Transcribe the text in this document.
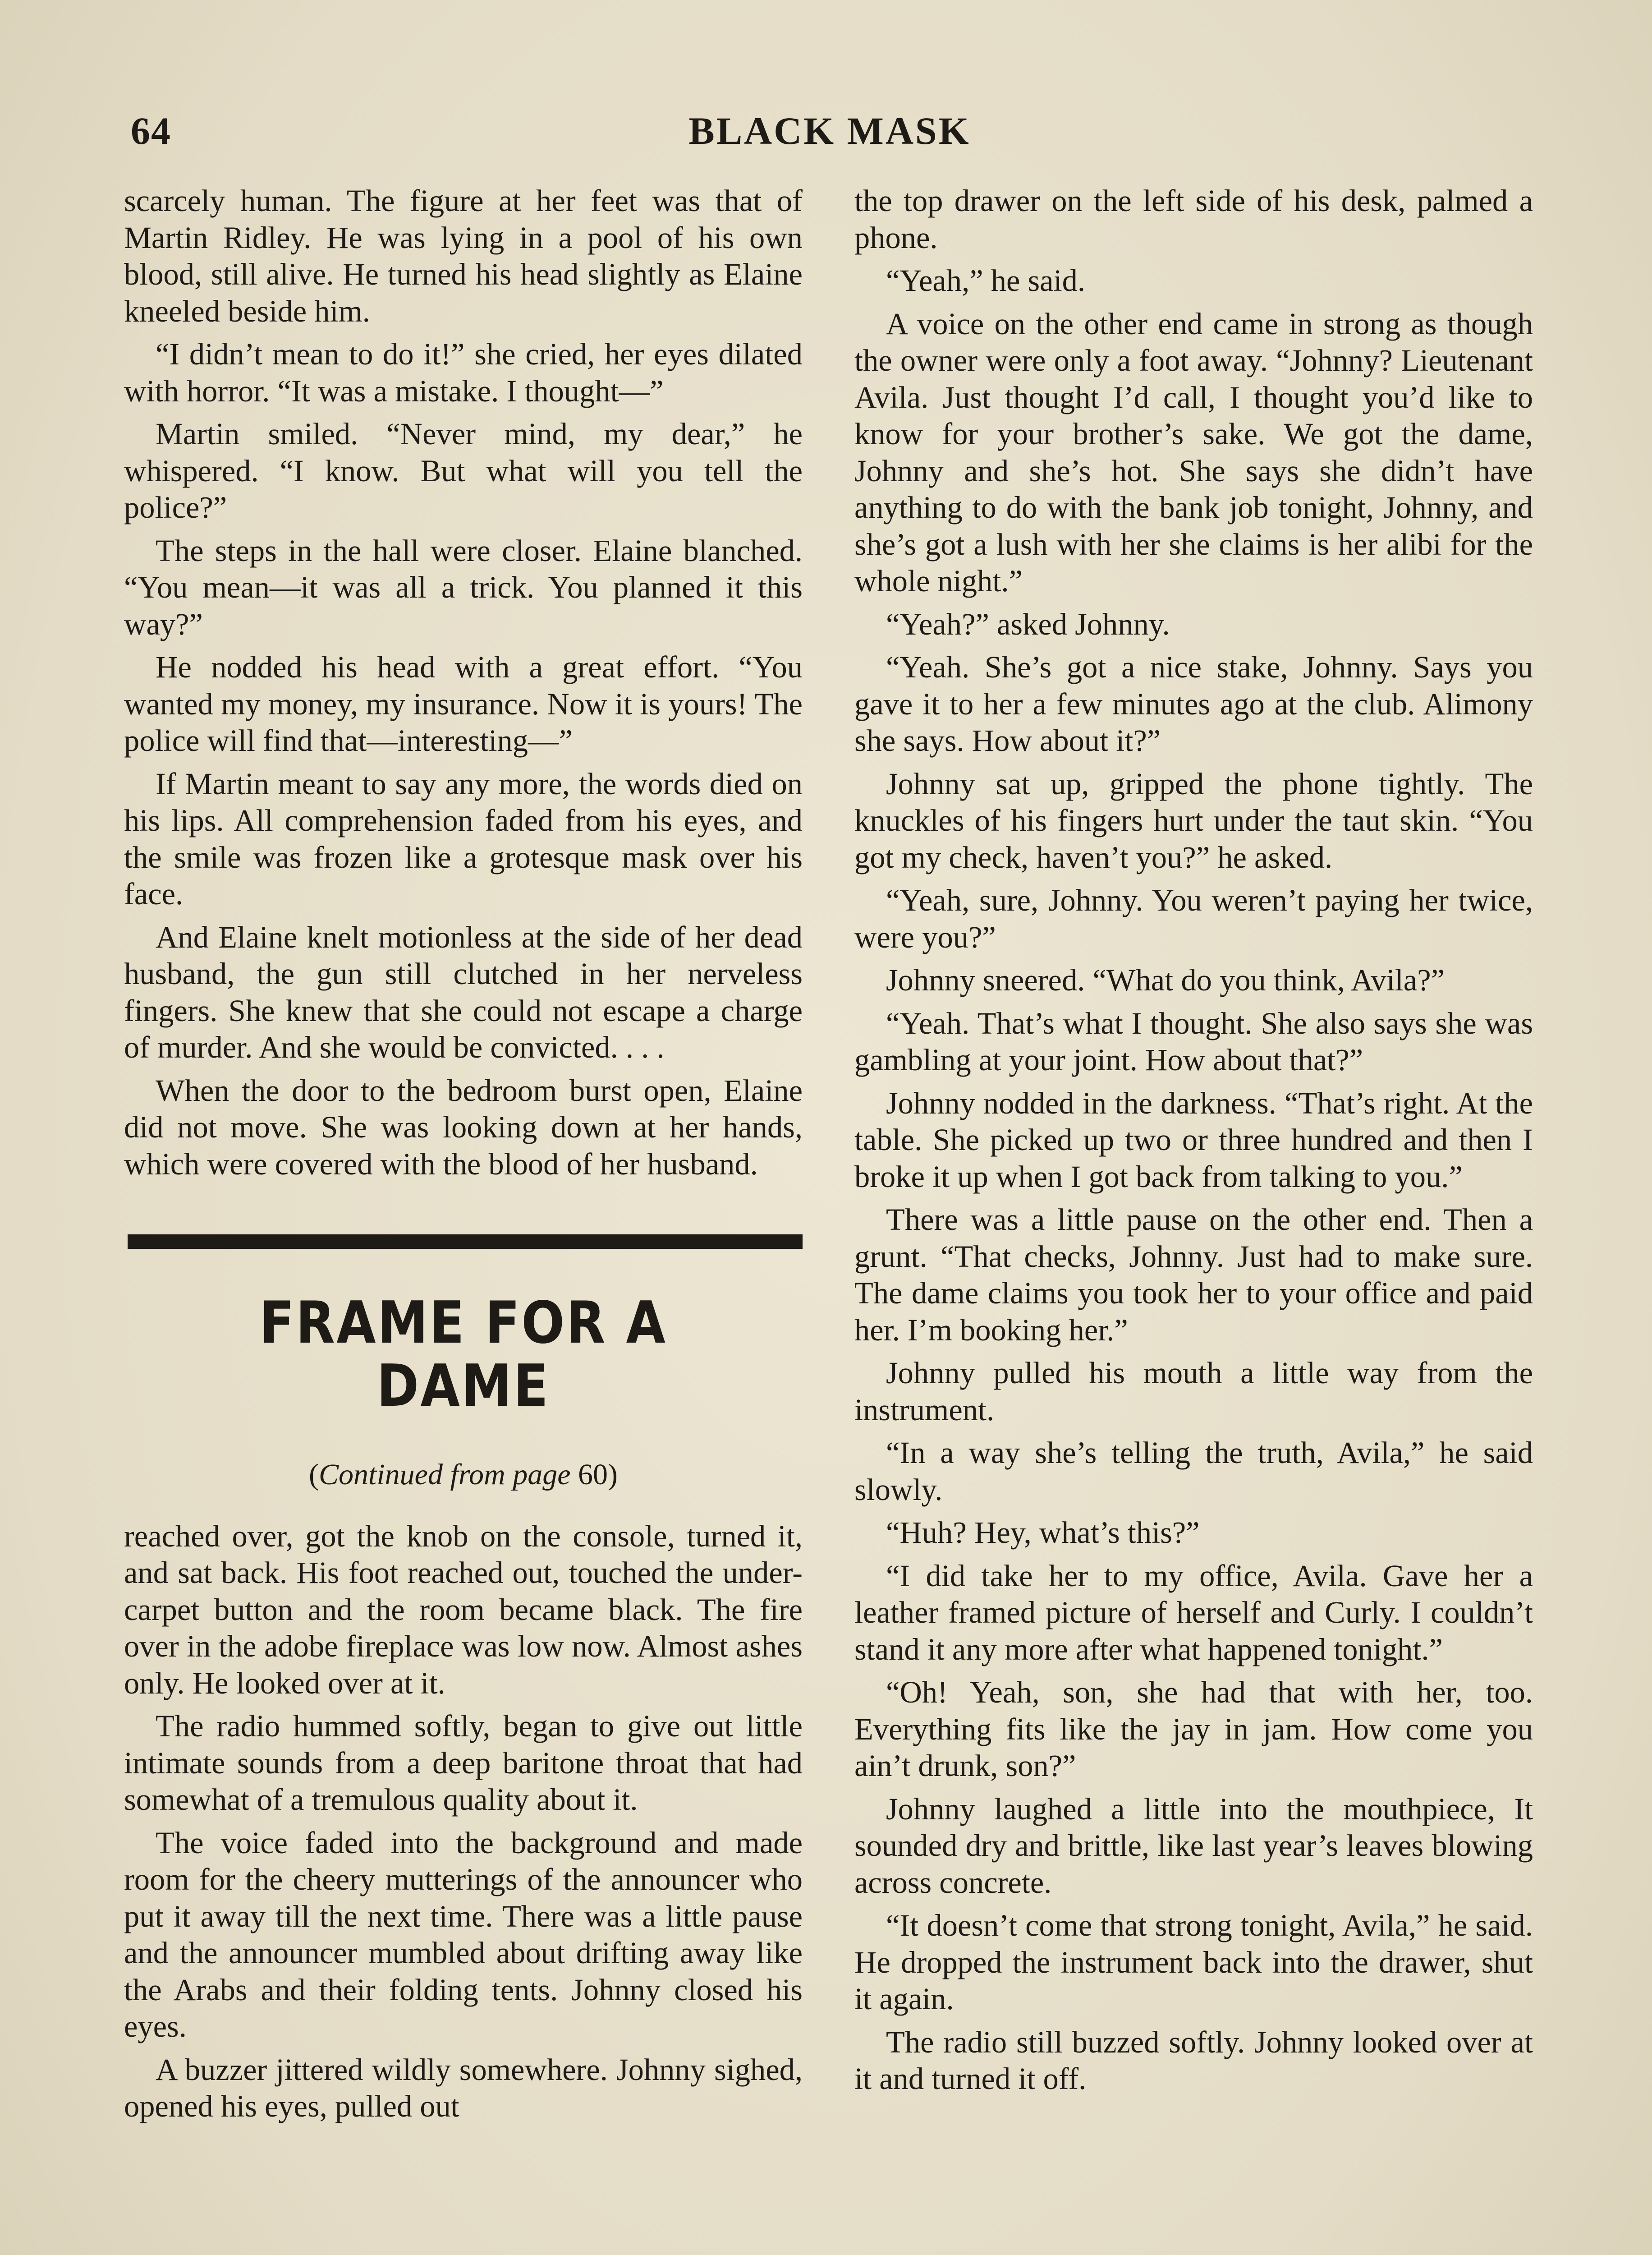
64	BLACK MASK

scarcely human. The figure at her feet was that of Martin Ridley. He was lying in a pool of his own blood, still alive. He turned his head slightly as Elaine kneeled beside him.

“I didn’t mean to do it!” she cried, her eyes dilated with horror. “It was a mistake. I thought—”

Martin smiled. “Never mind, my dear,” he whispered. “I know. But what will you tell the police?”

The steps in the hall were closer. Elaine blanched. “You mean—it was all a trick. You planned it this way?”

He nodded his head with a great effort. “You wanted my money, my insurance. Now it is yours! The police will find that—interesting—”

If Martin meant to say any more, the words died on his lips. All comprehension faded from his eyes, and the smile was frozen like a grotesque mask over his face.

And Elaine knelt motionless at the side of her dead husband, the gun still clutched in her nerveless fingers. She knew that she could not escape a charge of murder. And she would be convicted. . . .

When the door to the bedroom burst open, Elaine did not move. She was looking down at her hands, which were covered with the blood of her husband.

FRAME FOR A DAME
(Continued from page 60)

reached over, got the knob on the console, turned it, and sat back. His foot reached out, touched the under-carpet button and the room became black. The fire over in the adobe fireplace was low now. Almost ashes only. He looked over at it.

The radio hummed softly, began to give out little intimate sounds from a deep baritone throat that had somewhat of a tremulous quality about it.

The voice faded into the background and made room for the cheery mutterings of the announcer who put it away till the next time. There was a little pause and the announcer mumbled about drifting away like the Arabs and their folding tents. Johnny closed his eyes.

A buzzer jittered wildly somewhere. Johnny sighed, opened his eyes, pulled out

the top drawer on the left side of his desk, palmed a phone.

“Yeah,” he said.

A voice on the other end came in strong as though the owner were only a foot away. “Johnny? Lieutenant Avila. Just thought I’d call, I thought you’d like to know for your brother’s sake. We got the dame, Johnny and she’s hot. She says she didn’t have anything to do with the bank job tonight, Johnny, and she’s got a lush with her she claims is her alibi for the whole night.”

“Yeah?” asked Johnny.

“Yeah. She’s got a nice stake, Johnny. Says you gave it to her a few minutes ago at the club. Alimony she says. How about it?”

Johnny sat up, gripped the phone tightly. The knuckles of his fingers hurt under the taut skin. “You got my check, haven’t you?” he asked.

“Yeah, sure, Johnny. You weren’t paying her twice, were you?”

Johnny sneered. “What do you think, Avila?”

“Yeah. That’s what I thought. She also says she was gambling at your joint. How about that?”

Johnny nodded in the darkness. “That’s right. At the table. She picked up two or three hundred and then I broke it up when I got back from talking to you.”

There was a little pause on the other end. Then a grunt. “That checks, Johnny. Just had to make sure. The dame claims you took her to your office and paid her. I’m booking her.”

Johnny pulled his mouth a little way from the instrument.

“In a way she’s telling the truth, Avila,” he said slowly.

“Huh? Hey, what’s this?”

“I did take her to my office, Avila. Gave her a leather framed picture of herself and Curly. I couldn’t stand it any more after what happened tonight.”

“Oh! Yeah, son, she had that with her, too. Everything fits like the jay in jam. How come you ain’t drunk, son?”

Johnny laughed a little into the mouthpiece, It sounded dry and brittle, like last year’s leaves blowing across concrete.

“It doesn’t come that strong tonight, Avila,” he said. He dropped the instrument back into the drawer, shut it again.

The radio still buzzed softly. Johnny looked over at it and turned it off.
